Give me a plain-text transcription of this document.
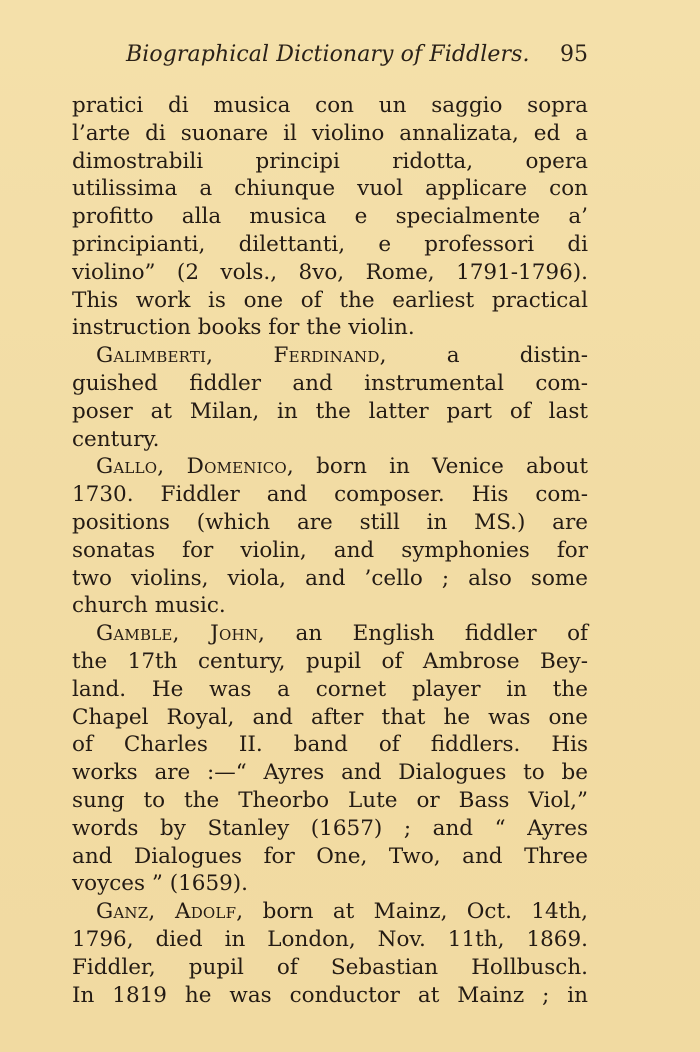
Biographical Dictionary of Fiddlers. 95
pratici di musica con un saggio sopra
l’arte di suonare il violino annalizata, ed a
dimostrabili principi ridotta, opera
utilissima a chiunque vuol applicare con
profitto alla musica e specialmente a’
principianti, dilettanti, e professori di
violino” (2 vols., 8vo, Rome, 1791-1796).
This work is one of the earliest practical
instruction books for the violin.
Galimberti, Ferdinand,	a distin-
guished fiddler and instrumental com-
poser at Milan, in the latter part of last
century.
Gallo, Domenico, born in Venice about
1730. Fiddler and composer. His com-
positions (which are still in MS.) are
sonatas for violin, and symphonies for
two violins, viola, and ’cello ; also some
church music.
Gamble, John, an English fiddler of
the 17th century, pupil of Ambrose Bey-
land. He was a cornet player in the
Chapel Royal, and after that he was one
of Charles II. band of fiddlers. His
works are :—“ Ayres and Dialogues to be
sung to the Theorbo Lute or Bass Viol,”
words by Stanley (1657) ; and “ Ayres
and Dialogues for One, Two, and Three
voyces ” (1659).
Ganz, Adolf, born at Mainz, Oct. 14th,
1796, died in London, Nov. 11th, 1869.
Fiddler, pupil of Sebastian Hollbusch.
In 1819 he was conductor at Mainz ; in
